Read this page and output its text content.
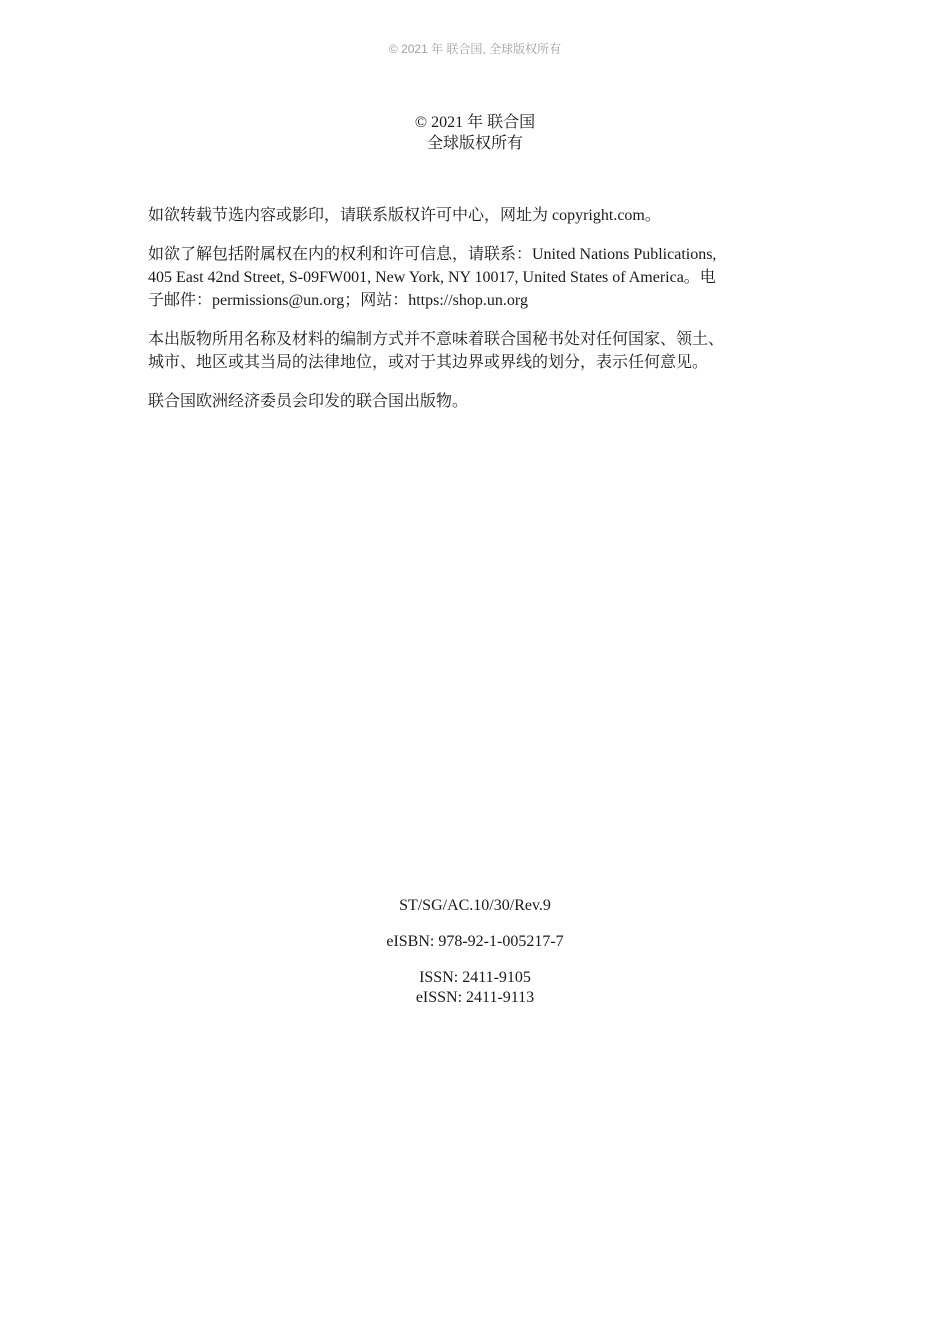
© 2021 年 联合国, 全球版权所有
© 2021 年 联合国
全球版权所有

如欲转载节选内容或影印，请联系版权许可中心，网址为 copyright.com。

如欲了解包括附属权在内的权利和许可信息，请联系：United Nations Publications,
405 East 42nd Street, S-09FW001, New York, NY 10017, United States of America。电
子邮件：permissions@un.org；网站：https://shop.un.org

本出版物所用名称及材料的编制方式并不意味着联合国秘书处对任何国家、领土、
城市、地区或其当局的法律地位，或对于其边界或界线的划分，表示任何意见。

联合国欧洲经济委员会印发的联合国出版物。

ST/SG/AC.10/30/Rev.9
eISBN: 978-92-1-005217-7
ISSN: 2411-9105
eISSN: 2411-9113
